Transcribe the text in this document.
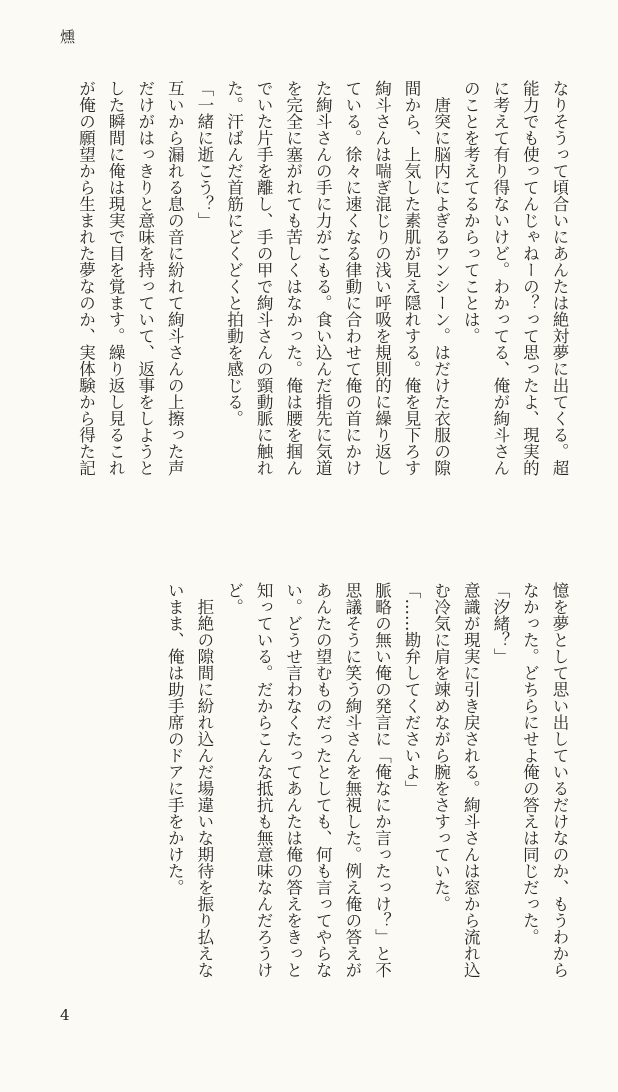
燻

なりそうって頃合いにあんたは絶対夢に出てくる。超

能力でも使ってんじゃねーの？って思ったよ、現実的

に考えて有り得ないけど。わかってる、俺が絢斗さん

のことを考えてるからってことは。

　唐突に脳内によぎるワンシーン。はだけた衣服の隙

間から、上気した素肌が見え隠れする。俺を見下ろす

絢斗さんは喘ぎ混じりの浅い呼吸を規則的に繰り返し

ている。徐々に速くなる律動に合わせて俺の首にかけ

た絢斗さんの手に力がこもる。食い込んだ指先に気道

を完全に塞がれても苦しくはなかった。俺は腰を掴ん

でいた片手を離し、手の甲で絢斗さんの頸動脈に触れ

た。汗ばんだ首筋にどくどくと拍動を感じる。

「一緒に逝こう？」

互いから漏れる息の音に紛れて絢斗さんの上擦った声

だけがはっきりと意味を持っていて、返事をしようと

した瞬間に俺は現実で目を覚ます。繰り返し見るこれ

が俺の願望から生まれた夢なのか、実体験から得た記

憶を夢として思い出しているだけなのか、もうわから

なかった。どちらにせよ俺の答えは同じだった。

「汐緒？」

意識が現実に引き戻される。絢斗さんは窓から流れ込

む冷気に肩を竦めながら腕をさすっていた。

「……勘弁してくださいよ」

脈略の無い俺の発言に「俺なにか言ったっけ？」と不

思議そうに笑う絢斗さんを無視した。例え俺の答えが

あんたの望むものだったとしても、何も言ってやらな

い。どうせ言わなくたってあんたは俺の答えをきっと

知っている。だからこんな抵抗も無意味なんだろうけ

ど。

　拒絶の隙間に紛れ込んだ場違いな期待を振り払えな

いまま、俺は助手席のドアに手をかけた。

4
